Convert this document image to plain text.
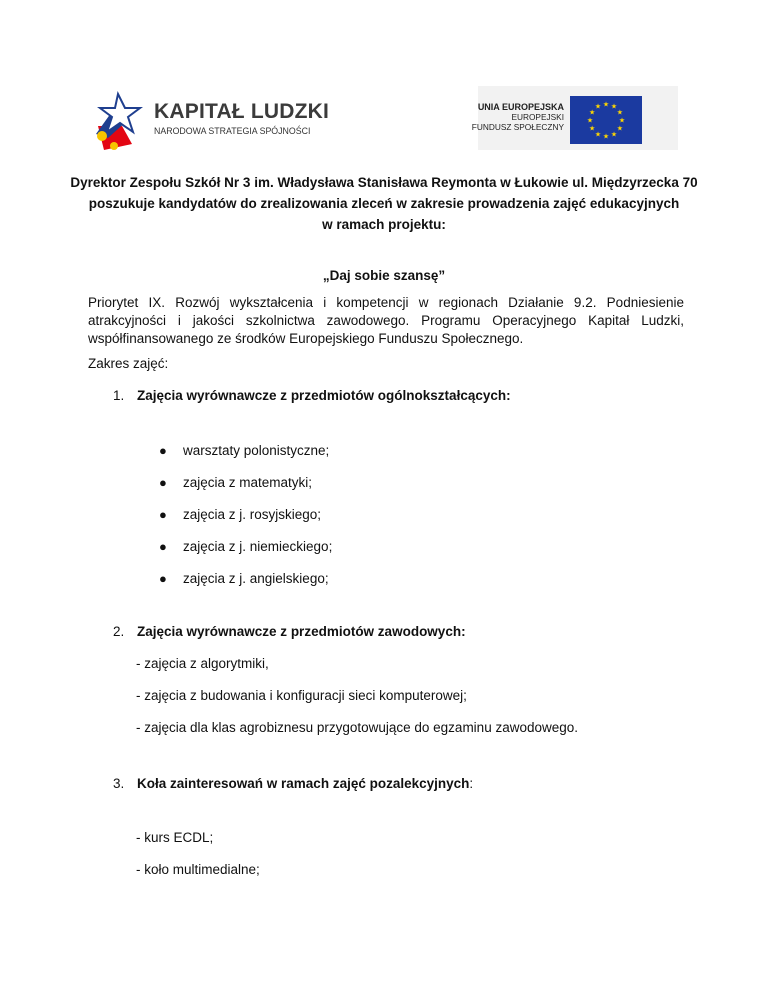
KAPITAŁ LUDZKI
NARODOWA STRATEGIA SPÓJNOŚCI
UNIA EUROPEJSKA
EUROPEJSKI
FUNDUSZ SPOŁECZNY
★ ★
★
★
★
★
★
★
★
★
★
★
Dyrektor Zespołu Szkół Nr 3 im. Władysława Stanisława Reymonta w Łukowie ul. Międzyrzecka 70
poszukuje kandydatów do zrealizowania zleceń w zakresie prowadzenia zajęć edukacyjnych
w ramach projektu:
„Daj sobie szansę”
Priorytet IX. Rozwój wykształcenia i kompetencji w regionach Działanie 9.2. Podniesienie atrakcyjności i jakości szkolnictwa zawodowego. Programu Operacyjnego Kapitał Ludzki, współfinansowanego ze środków Europejskiego Funduszu Społecznego.
Zakres zajęć:
1. Zajęcia wyrównawcze z przedmiotów ogólnokształcących:
● warsztaty polonistyczne;
● zajęcia z matematyki;
● zajęcia z j. rosyjskiego;
● zajęcia z j. niemieckiego;
● zajęcia z j. angielskiego;
2. Zajęcia wyrównawcze z przedmiotów zawodowych:
- zajęcia z algorytmiki,
- zajęcia z budowania i konfiguracji sieci komputerowej;
- zajęcia dla klas agrobiznesu przygotowujące do egzaminu zawodowego.
3. Koła zainteresowań w ramach zajęć pozalekcyjnych:
- kurs ECDL;
- koło multimedialne;
